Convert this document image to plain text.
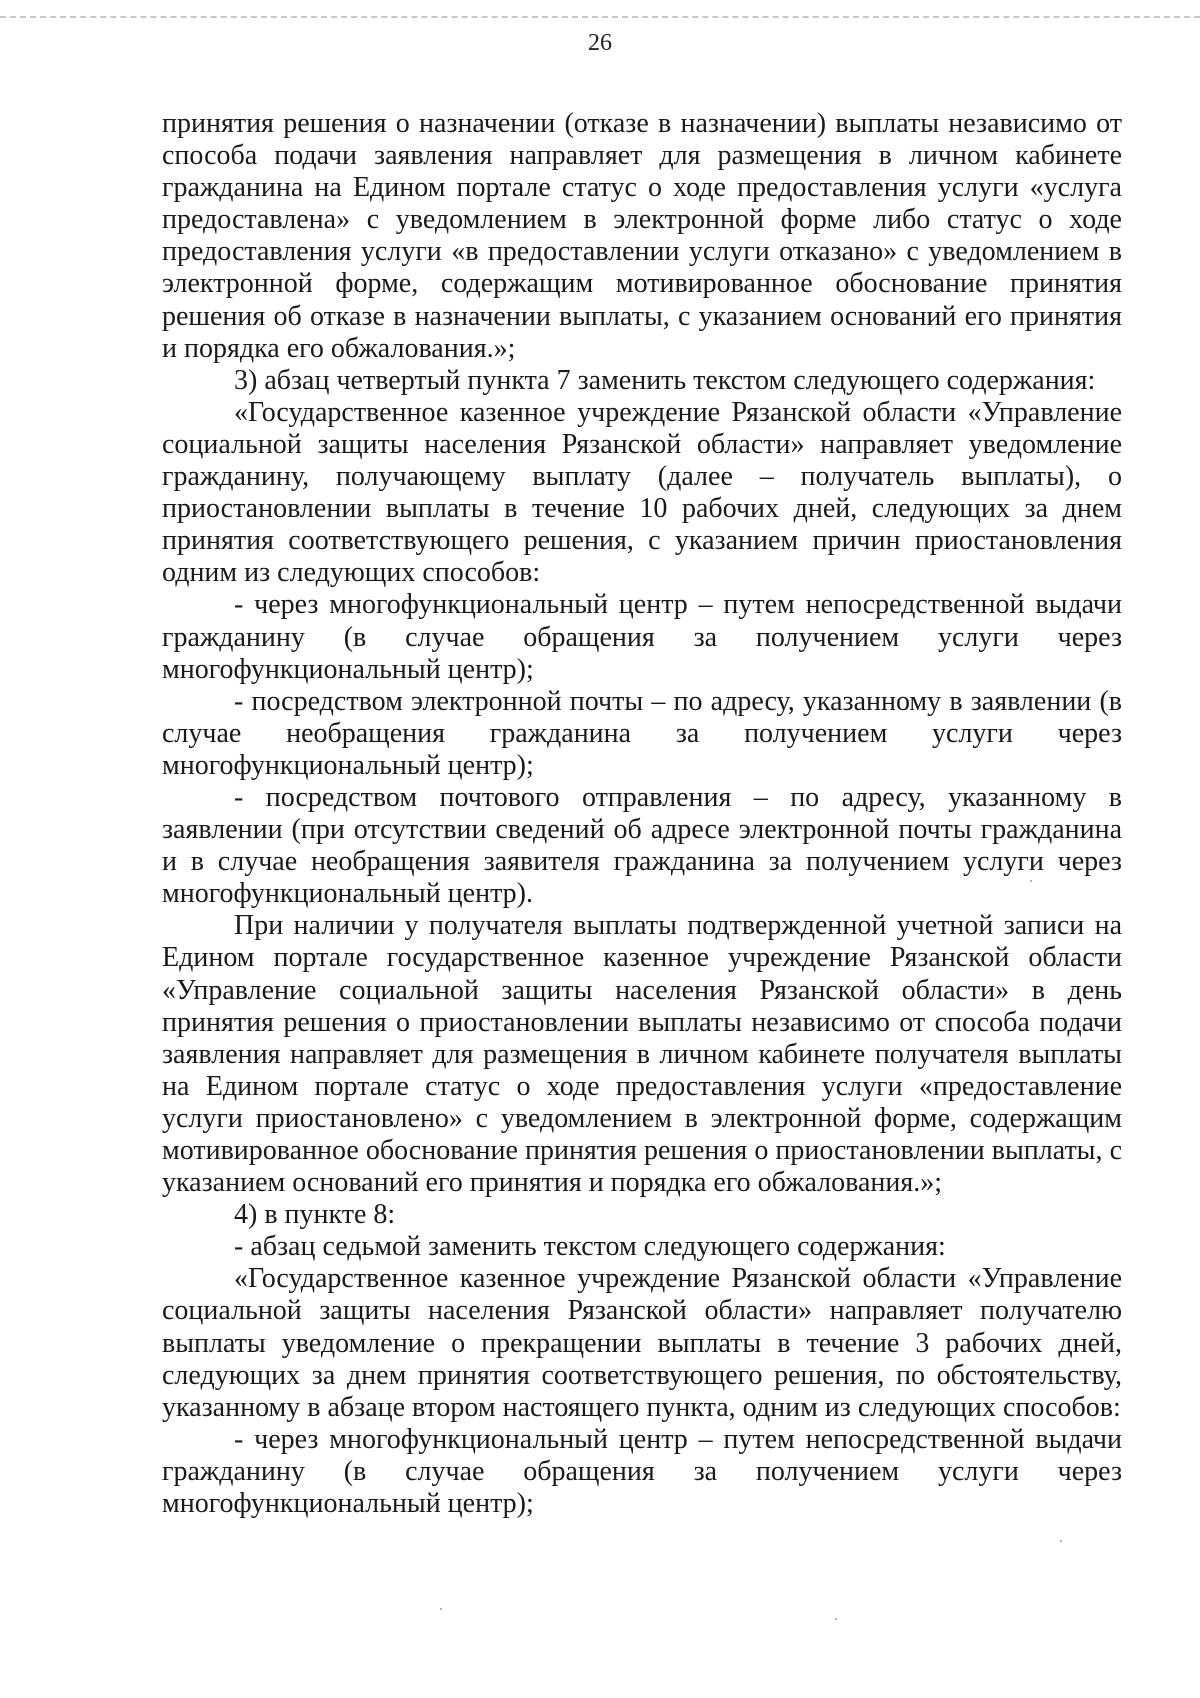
26

принятия решения о назначении (отказе в назначении) выплаты независимо от способа подачи заявления направляет для размещения в личном кабинете гражданина на Едином портале статус о ходе предоставления услуги «услуга предоставлена» с уведомлением в электронной форме либо статус о ходе предоставления услуги «в предоставлении услуги отказано» с уведомлением в электронной форме, содержащим мотивированное обоснование принятия решения об отказе в назначении выплаты, с указанием оснований его принятия и порядка его обжалования.»;

3) абзац четвертый пункта 7 заменить текстом следующего содержания:

«Государственное казенное учреждение Рязанской области «Управление социальной защиты населения Рязанской области» направляет уведомление гражданину, получающему выплату (далее – получатель выплаты), о приостановлении выплаты в течение 10 рабочих дней, следующих за днем принятия соответствующего решения, с указанием причин приостановления одним из следующих способов:

- через многофункциональный центр – путем непосредственной выдачи гражданину (в случае обращения за получением услуги через многофункциональный центр);

- посредством электронной почты – по адресу, указанному в заявлении (в случае необращения гражданина за получением услуги через многофункциональный центр);

- посредством почтового отправления – по адресу, указанному в заявлении (при отсутствии сведений об адресе электронной почты гражданина и в случае необращения заявителя гражданина за получением услуги через многофункциональный центр).

При наличии у получателя выплаты подтвержденной учетной записи на Едином портале государственное казенное учреждение Рязанской области «Управление социальной защиты населения Рязанской области» в день принятия решения о приостановлении выплаты независимо от способа подачи заявления направляет для размещения в личном кабинете получателя выплаты на Едином портале статус о ходе предоставления услуги «предоставление услуги приостановлено» с уведомлением в электронной форме, содержащим мотивированное обоснование принятия решения о приостановлении выплаты, с указанием оснований его принятия и порядка его обжалования.»;

4) в пункте 8:

- абзац седьмой заменить текстом следующего содержания:

«Государственное казенное учреждение Рязанской области «Управление социальной защиты населения Рязанской области» направляет получателю выплаты уведомление о прекращении выплаты в течение 3 рабочих дней, следующих за днем принятия соответствующего решения, по обстоятельству, указанному в абзаце втором настоящего пункта, одним из следующих способов:

- через многофункциональный центр – путем непосредственной выдачи гражданину (в случае обращения за получением услуги через многофункциональный центр);
